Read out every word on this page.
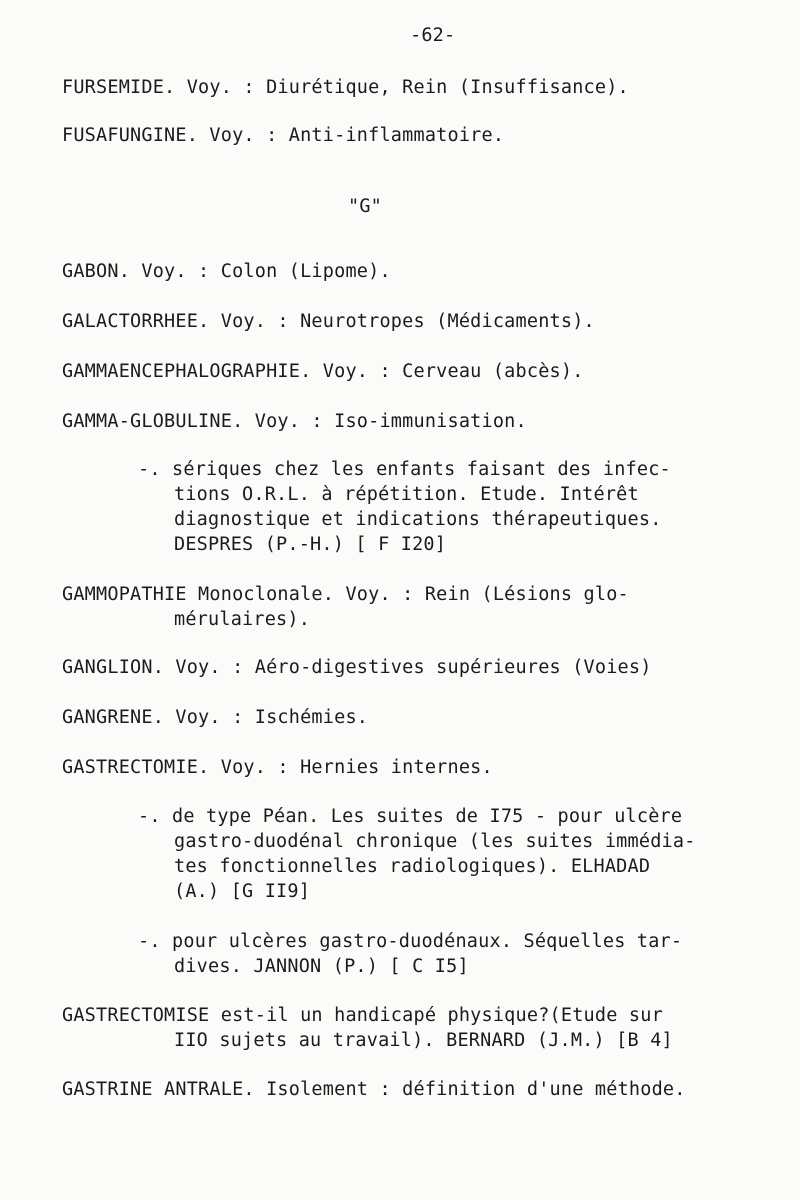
-62-
FURSEMIDE. Voy. : Diurétique, Rein (Insuffisance).
FUSAFUNGINE. Voy. : Anti-inflammatoire.
"G"
GABON. Voy. : Colon (Lipome).
GALACTORRHEE. Voy. : Neurotropes (Médicaments).
GAMMAENCEPHALOGRAPHIE. Voy. : Cerveau (abcès).
GAMMA-GLOBULINE. Voy. : Iso-immunisation.
-. sériques chez les enfants faisant des infec-
tions O.R.L. à répétition. Etude. Intérêt
diagnostique et indications thérapeutiques.
DESPRES (P.-H.) [ F I20]
GAMMOPATHIE Monoclonale. Voy. : Rein (Lésions glo-
mérulaires).
GANGLION. Voy. : Aéro-digestives supérieures (Voies)
GANGRENE. Voy. : Ischémies.
GASTRECTOMIE. Voy. : Hernies internes.
-. de type Péan. Les suites de I75 - pour ulcère
gastro-duodénal chronique (les suites immédia-
tes fonctionnelles radiologiques). ELHADAD
(A.) [G II9]
-. pour ulcères gastro-duodénaux. Séquelles tar-
dives. JANNON (P.) [ C I5]
GASTRECTOMISE est-il un handicapé physique?(Etude sur
IIO sujets au travail). BERNARD (J.M.) [B 4]
GASTRINE ANTRALE. Isolement : définition d'une méthode.
